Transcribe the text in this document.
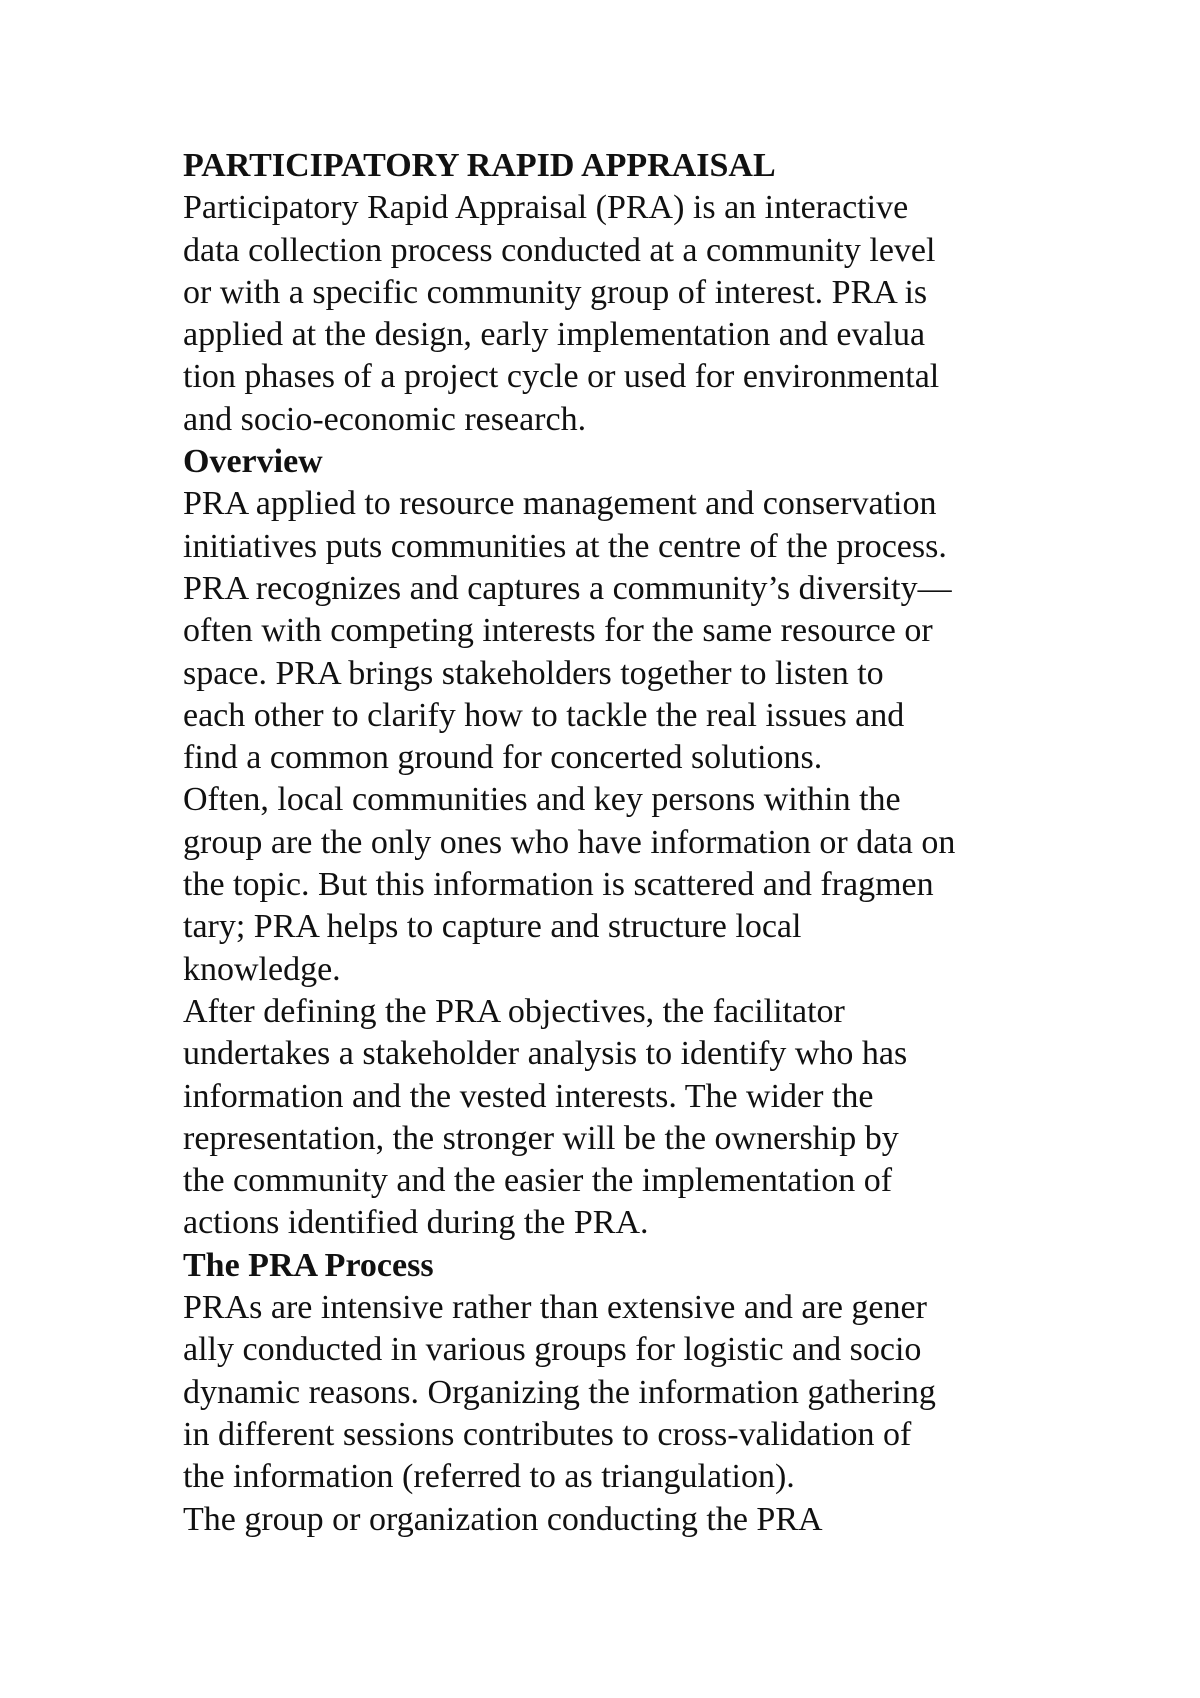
PARTICIPATORY RAPID APPRAISAL
Participatory Rapid Appraisal (PRA) is an interactive
data collection process conducted at a community level
or with a specific community group of interest. PRA is
applied at the design, early implementation and evalua
tion phases of a project cycle or used for environmental
and socio-economic research.
Overview
PRA applied to resource management and conservation
initiatives puts communities at the centre of the process.
PRA recognizes and captures a community’s diversity—
often with competing interests for the same resource or
space. PRA brings stakeholders together to listen to
each other to clarify how to tackle the real issues and
find a common ground for concerted solutions.
Often, local communities and key persons within the
group are the only ones who have information or data on
the topic. But this information is scattered and fragmen
tary; PRA helps to capture and structure local
knowledge.
After defining the PRA objectives, the facilitator
undertakes a stakeholder analysis to identify who has
information and the vested interests. The wider the
representation, the stronger will be the ownership by
the community and the easier the implementation of
actions identified during the PRA.
The PRA Process
PRAs are intensive rather than extensive and are gener
ally conducted in various groups for logistic and socio
dynamic reasons. Organizing the information gathering
in different sessions contributes to cross-validation of
the information (referred to as triangulation).
The group or organization conducting the PRA
